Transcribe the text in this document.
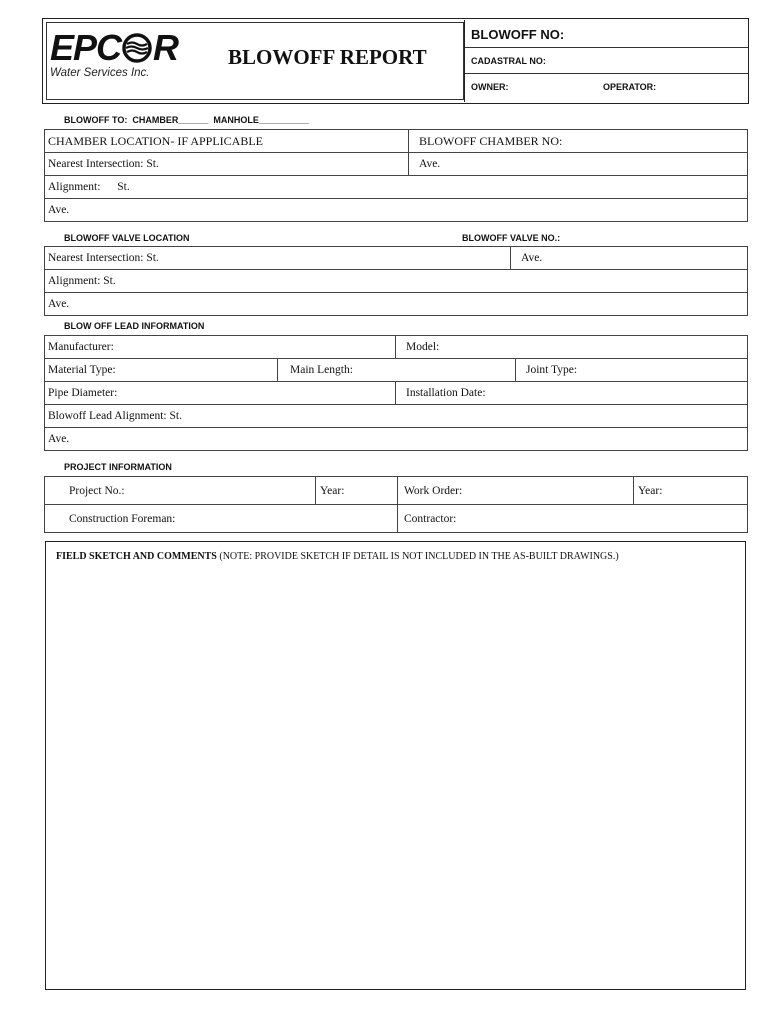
EPC R
Water Services Inc.
BLOWOFF REPORT
BLOWOFF NO:
CADASTRAL NO:
OWNER:	OPERATOR:
BLOWOFF TO:  CHAMBER______  MANHOLE__________
CHAMBER LOCATION- IF APPLICABLE	BLOWOFF CHAMBER NO:
Nearest Intersection: St.	Ave.
Alignment: St.	
Ave.	
BLOWOFF VALVE LOCATION	BLOWOFF VALVE NO.:
Nearest Intersection: St.	Ave.
Alignment: St.
Ave.
BLOW OFF LEAD INFORMATION
Manufacturer:		Model:	
Material Type:	Main Length:		Joint Type:
Pipe Diameter:		Installation Date:	
Blowoff Lead Alignment: St.			
Ave.			
PROJECT INFORMATION
Project No.:	Year:	Work Order:	Year:
Construction Foreman:		Contractor:	
FIELD SKETCH AND COMMENTS (NOTE: PROVIDE SKETCH IF DETAIL IS NOT INCLUDED IN THE AS-BUILT DRAWINGS.)
